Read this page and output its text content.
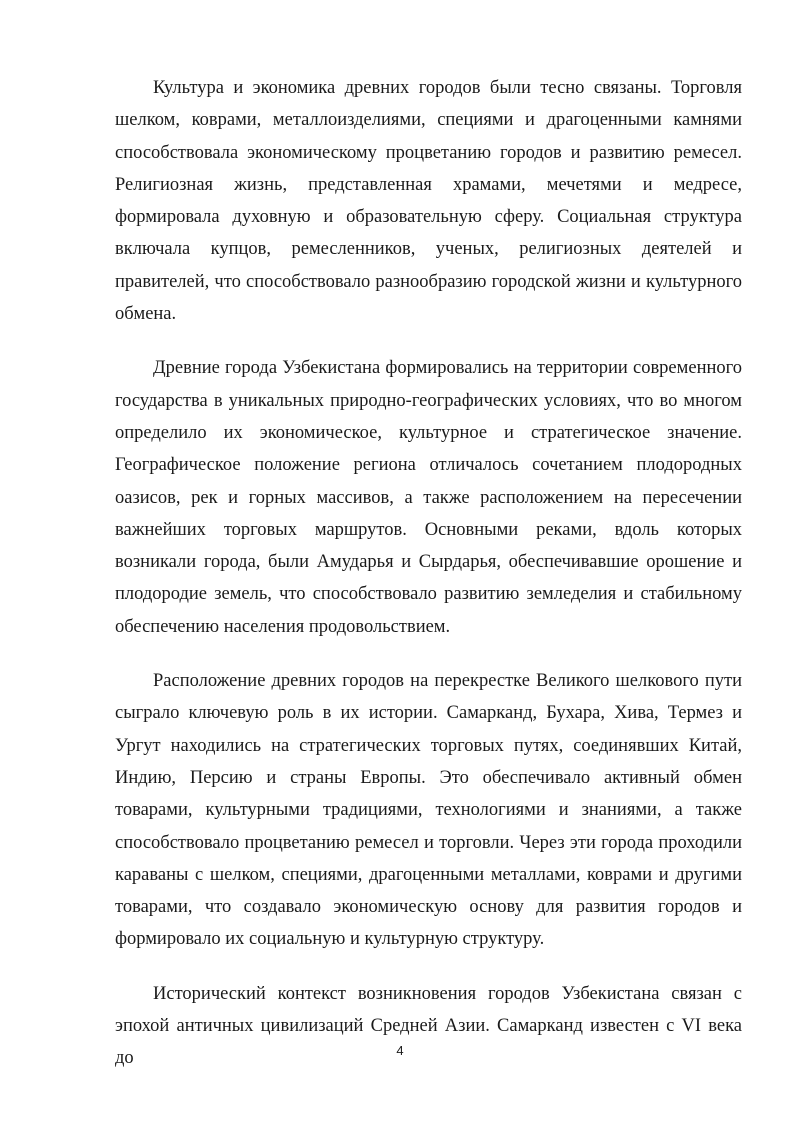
Культура и экономика древних городов были тесно связаны. Торговля шелком, коврами, металлоизделиями, специями и драгоценными камнями способствовала экономическому процветанию городов и развитию ремесел. Религиозная жизнь, представленная храмами, мечетями и медресе, формировала духовную и образовательную сферу. Социальная структура включала купцов, ремесленников, ученых, религиозных деятелей и правителей, что способствовало разнообразию городской жизни и культурного обмена.

Древние города Узбекистана формировались на территории современного государства в уникальных природно-географических условиях, что во многом определило их экономическое, культурное и стратегическое значение. Географическое положение региона отличалось сочетанием плодородных оазисов, рек и горных массивов, а также расположением на пересечении важнейших торговых маршрутов. Основными реками, вдоль которых возникали города, были Амударья и Сырдарья, обеспечивавшие орошение и плодородие земель, что способствовало развитию земледелия и стабильному обеспечению населения продовольствием.

Расположение древних городов на перекрестке Великого шелкового пути сыграло ключевую роль в их истории. Самарканд, Бухара, Хива, Термез и Ургут находились на стратегических торговых путях, соединявших Китай, Индию, Персию и страны Европы. Это обеспечивало активный обмен товарами, культурными традициями, технологиями и знаниями, а также способствовало процветанию ремесел и торговли. Через эти города проходили караваны с шелком, специями, драгоценными металлами, коврами и другими товарами, что создавало экономическую основу для развития городов и формировало их социальную и культурную структуру.

Исторический контекст возникновения городов Узбекистана связан с эпохой античных цивилизаций Средней Азии. Самарканд известен с VI века до	4
